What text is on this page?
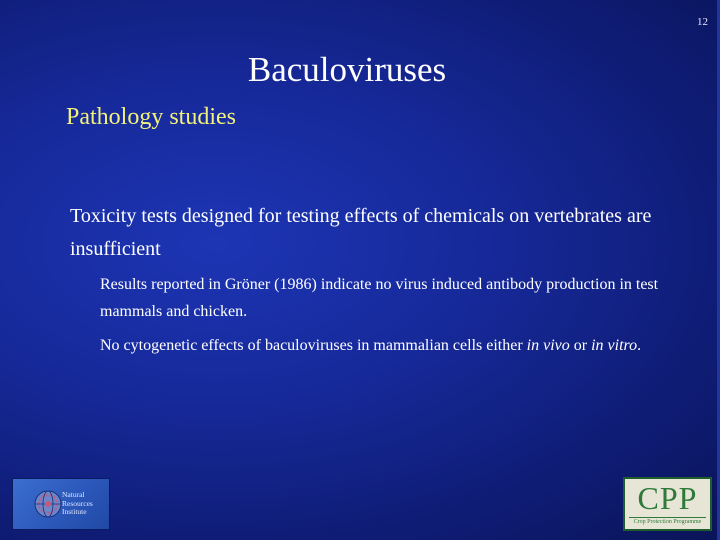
12
Baculoviruses
Pathology studies
Toxicity tests designed for testing effects of chemicals on vertebrates are insufficient
Results reported in Gröner (1986) indicate no virus induced antibody production in test mammals and chicken.
No cytogenetic effects of baculoviruses in mammalian cells either in vivo or in vitro.
Natural
Resources
Institute	CPP
Crop Protection Programme
